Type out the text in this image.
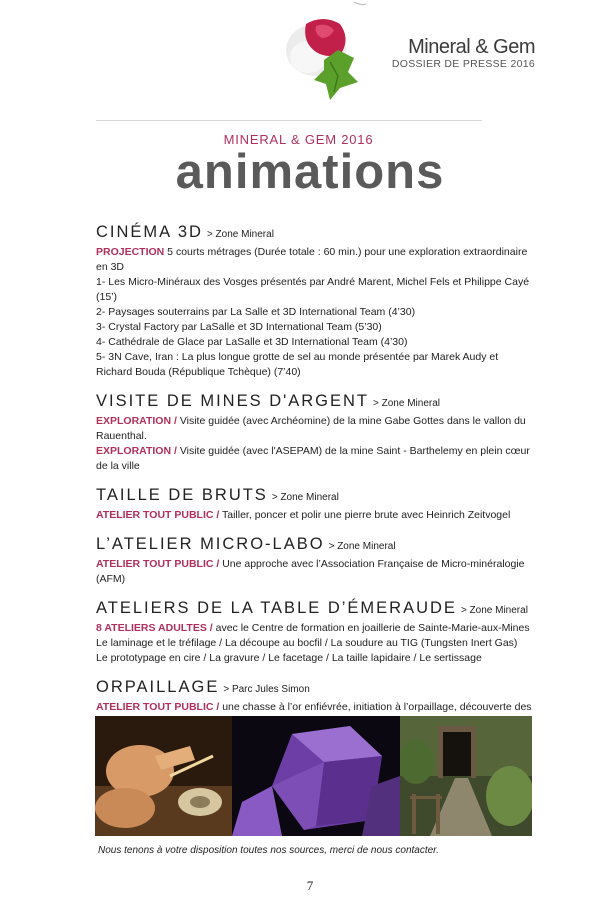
Mineral & Gem
DOSSIER DE PRESSE 2016
MINERAL & GEM 2016
animations
CINÉMA 3D > Zone Mineral
PROJECTION 5 courts métrages (Durée totale : 60 min.) pour une exploration extraordinaire en 3D
1- Les Micro-Minéraux des Vosges présentés par André Marent, Michel Fels et Philippe Cayé (15’)
2- Paysages souterrains par La Salle et 3D International Team (4’30)
3- Crystal Factory par LaSalle et 3D International Team (5’30)
4- Cathédrale de Glace par LaSalle et 3D International Team (4’30)
5- 3N Cave, Iran : La plus longue grotte de sel au monde présentée par Marek Audy et Richard Bouda (République Tchèque) (7’40)
VISITE DE MINES D'ARGENT > Zone Mineral
EXPLORATION / Visite guidée (avec Archéomine) de la mine Gabe Gottes dans le vallon du Rauenthal.
EXPLORATION / Visite guidée (avec l'ASEPAM) de la mine Saint - Barthelemy en plein cœur de la ville
TAILLE DE BRUTS > Zone Mineral
ATELIER TOUT PUBLIC / Tailler, poncer et polir une pierre brute avec Heinrich Zeitvogel
L’ATELIER MICRO-LABO > Zone Mineral
ATELIER TOUT PUBLIC / Une approche avec l’Association Française de Micro-minéralogie (AFM)
ATELIERS DE LA TABLE D’ÉMERAUDE > Zone Mineral
8 ATELIERS ADULTES / avec le Centre de formation en joaillerie de Sainte-Marie-aux-Mines
Le laminage et le tréfilage / La découpe au bocfil / La soudure au TIG (Tungsten Inert Gas)
Le prototypage en cire / La gravure / Le facetage / La taille lapidaire / Le sertissage
ORPAILLAGE > Parc Jules Simon
ATELIER TOUT PUBLIC / une chasse à l’or enfiévrée, initiation à l’orpaillage, découverte des
Nous tenons à votre disposition toutes nos sources, merci de nous contacter.
7
